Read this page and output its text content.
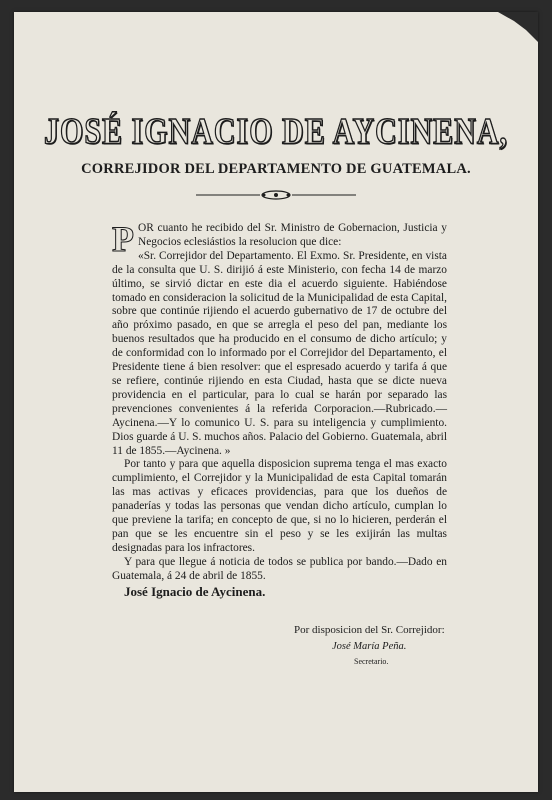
JOSÉ IGNACIO DE AYCINENA,
CORREJIDOR DEL DEPARTAMENTO DE GUATEMALA.

POR cuanto he recibido del Sr. Ministro de Gobernacion, Justicia y Negocios eclesiástios la resolucion que dice:

«Sr. Correjidor del Departamento. El Exmo. Sr. Presidente, en vista de la consulta que U. S. dirijió á este Ministerio, con fecha 14 de marzo último, se sirvió dictar en este dia el acuerdo siguiente. Habiéndose tomado en consideracion la solicitud de la Municipalidad de esta Capital, sobre que continúe rijiendo el acuerdo gubernativo de 17 de octubre del año próximo pasado, en que se arregla el peso del pan, mediante los buenos resultados que ha producido en el consumo de dicho artículo; y de conformidad con lo informado por el Correjidor del Departamento, el Presidente tiene á bien resolver: que el espresado acuerdo y tarifa á que se refiere, continúe rijiendo en esta Ciudad, hasta que se dicte nueva providencia en el particular, para lo cual se harán por separado las prevenciones convenientes á la referida Corporacion.—Rubricado.—Aycinena.—Y lo comunico U. S. para su inteligencia y cumplimiento. Dios guarde á U. S. muchos años. Palacio del Gobierno. Guatemala, abril 11 de 1855.—Aycinena. »

Por tanto y para que aquella disposicion suprema tenga el mas exacto cumplimiento, el Correjidor y la Municipalidad de esta Capital tomarán las mas activas y eficaces providencias, para que los dueños de panaderías y todas las personas que vendan dicho artículo, cumplan lo que previene la tarifa; en concepto de que, si no lo hicieren, perderán el pan que se les encuentre sin el peso y se les exijirán las multas designadas para los infractores.

Y para que llegue á noticia de todos se publica por bando.—Dado en Guatemala, á 24 de abril de 1855.

José Ignacio de Aycinena.
Por disposicion del Sr. Correjidor:
José María Peña.
Secretario.
